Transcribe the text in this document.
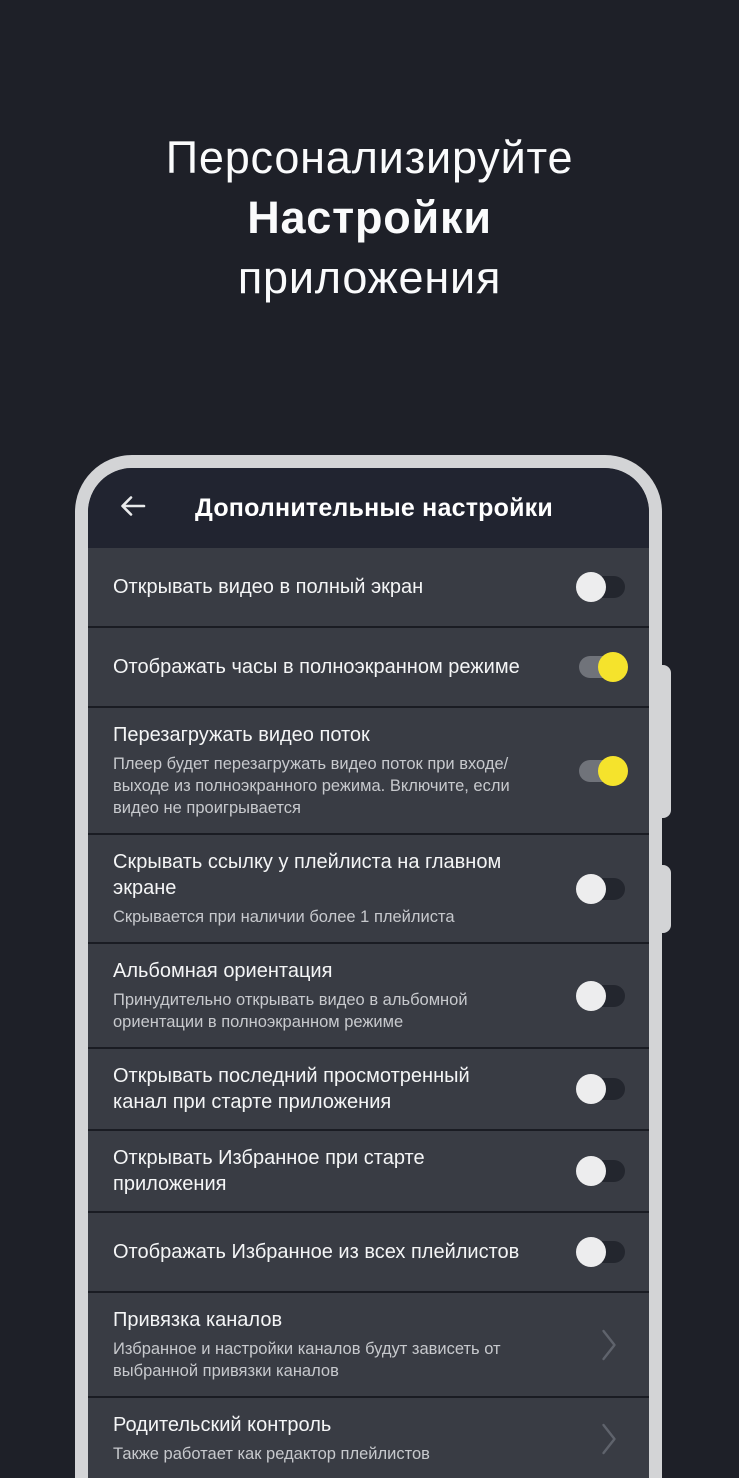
Персонализируйте
Настройки
приложения
Дополнительные настройки
Открывать видео в полный экран
Отображать часы в полноэкранном режиме
Перезагружать видео поток
Плеер будет перезагружать видео поток при входе/выходе из полноэкранного режима. Включите, если видео не проигрывается
Скрывать ссылку у плейлиста на главном экране
Скрывается при наличии более 1 плейлиста
Альбомная ориентация
Принудительно открывать видео в альбомной ориентации в полноэкранном режиме
Открывать последний просмотренный канал при старте приложения
Открывать Избранное при старте приложения
Отображать Избранное из всех плейлистов
Привязка каналов
Избранное и настройки каналов будут зависеть от выбранной привязки каналов
Родительский контроль
Также работает как редактор плейлистов
